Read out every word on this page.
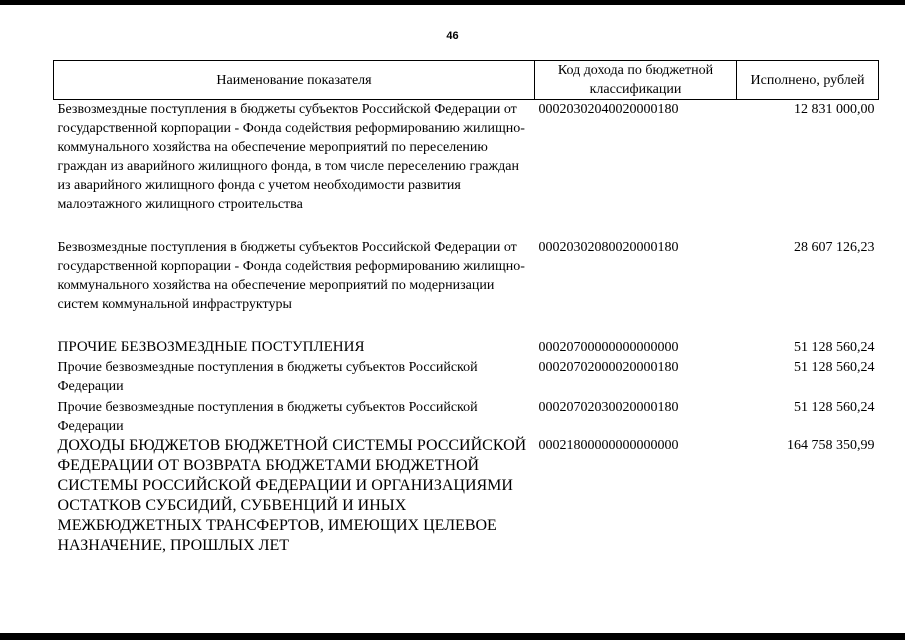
46
Наименование показателя	Код дохода по бюджетной классификации	Исполнено, рублей
Безвозмездные поступления в бюджеты субъектов Российской Федерации от государственной корпорации - Фонда содействия реформированию жилищно-коммунального хозяйства на обеспечение мероприятий по переселению граждан из аварийного жилищного фонда, в том числе переселению граждан из аварийного жилищного фонда с учетом необходимости развития малоэтажного жилищного строительства	00020302040020000180	12 831 000,00
Безвозмездные поступления в бюджеты субъектов Российской Федерации от государственной корпорации - Фонда содействия реформированию жилищно-коммунального хозяйства на обеспечение мероприятий по модернизации систем коммунальной инфраструктуры	00020302080020000180	28 607 126,23
ПРОЧИЕ БЕЗВОЗМЕЗДНЫЕ ПОСТУПЛЕНИЯ	00020700000000000000	51 128 560,24
Прочие безвозмездные поступления в бюджеты субъектов Российской Федерации	00020702000020000180	51 128 560,24
Прочие безвозмездные поступления в бюджеты субъектов Российской Федерации	00020702030020000180	51 128 560,24
ДОХОДЫ БЮДЖЕТОВ БЮДЖЕТНОЙ СИСТЕМЫ РОССИЙСКОЙ ФЕДЕРАЦИИ ОТ ВОЗВРАТА БЮДЖЕТАМИ БЮДЖЕТНОЙ СИСТЕМЫ РОССИЙСКОЙ ФЕДЕРАЦИИ И ОРГАНИЗАЦИЯМИ ОСТАТКОВ СУБСИДИЙ, СУБВЕНЦИЙ И ИНЫХ МЕЖБЮДЖЕТНЫХ ТРАНСФЕРТОВ, ИМЕЮЩИХ ЦЕЛЕВОЕ НАЗНАЧЕНИЕ, ПРОШЛЫХ ЛЕТ	00021800000000000000	164 758 350,99
